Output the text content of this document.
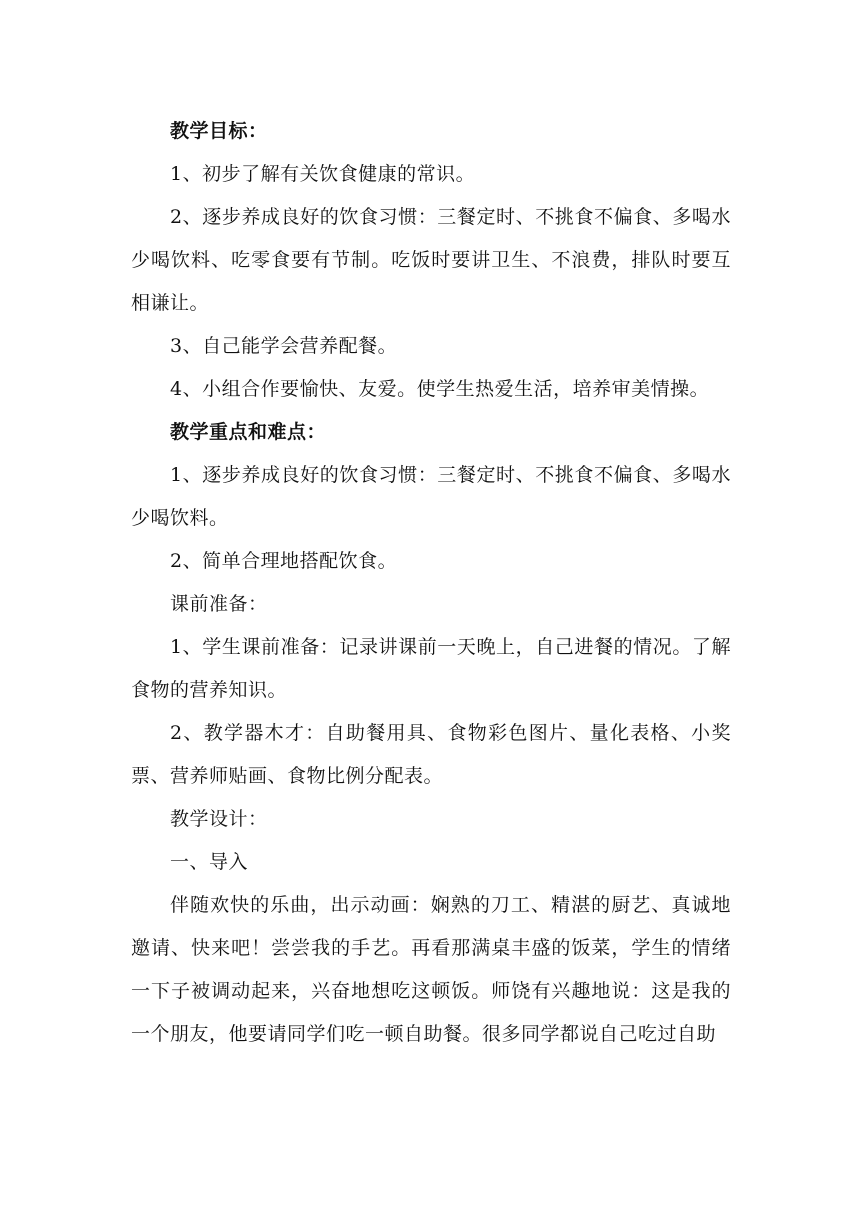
教学目标：

1、初步了解有关饮食健康的常识。

2、逐步养成良好的饮食习惯：三餐定时、不挑食不偏食、多喝水少喝饮料、吃零食要有节制。吃饭时要讲卫生、不浪费，排队时要互相谦让。

3、自己能学会营养配餐。

4、小组合作要愉快、友爱。使学生热爱生活，培养审美情操。

教学重点和难点：

1、逐步养成良好的饮食习惯：三餐定时、不挑食不偏食、多喝水少喝饮料。

2、简单合理地搭配饮食。

课前准备：

1、学生课前准备：记录讲课前一天晚上，自己进餐的情况。了解食物的营养知识。

2、教学器木才：自助餐用具、食物彩色图片、量化表格、小奖票、营养师贴画、食物比例分配表。

教学设计：

一、导入

伴随欢快的乐曲，出示动画：娴熟的刀工、精湛的厨艺、真诚地邀请、快来吧！尝尝我的手艺。再看那满桌丰盛的饭菜，学生的情绪一下子被调动起来，兴奋地想吃这顿饭。师饶有兴趣地说：这是我的一个朋友，他要请同学们吃一顿自助餐。很多同学都说自己吃过自助
